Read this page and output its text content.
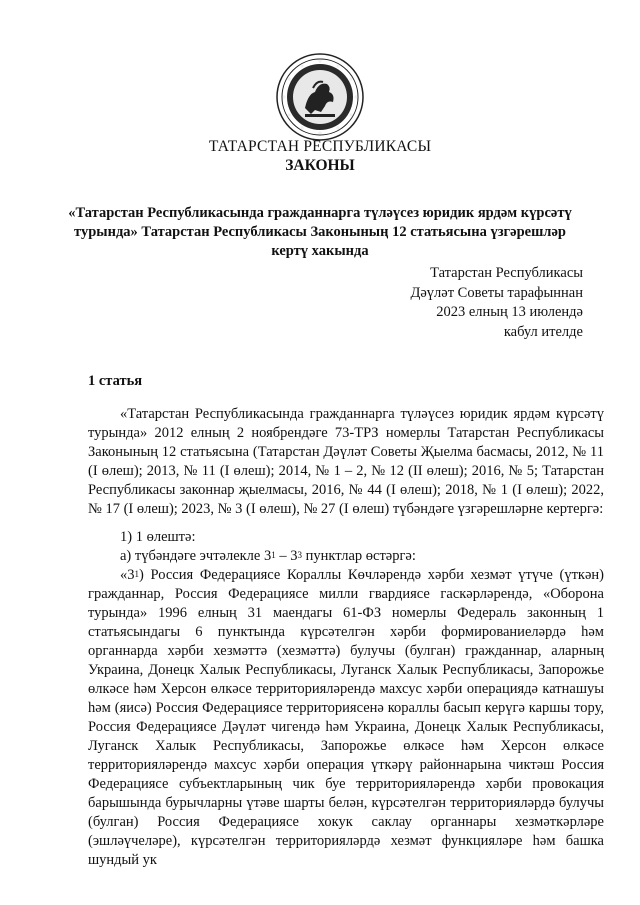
ТАТАРСТАН РЕСПУБЛИКАСЫ
ЗАКОНЫ
«Татарстан Республикасында гражданнарга түләүсез юридик ярдәм күрсәтү турында» Татарстан Республикасы Законының 12 статьясына үзгәрешләр кертү хакында
Татарстан Республикасы
Дәүләт Советы тарафыннан
2023 елның 13 июлендә
кабул ителде
1 статья

«Татарстан Республикасында гражданнарга түләүсез юридик ярдәм күрсәтү турында» 2012 елның 2 ноябрендәге 73-ТРЗ номерлы Татарстан Республикасы Законының 12 статьясына (Татарстан Дәүләт Советы Җыелма басмасы, 2012, № 11 (I өлеш); 2013, № 11 (I өлеш); 2014, № 1 – 2, № 12 (II өлеш); 2016, № 5; Татарстан Республикасы законнар җыелмасы, 2016, № 44 (I өлеш); 2018, № 1 (I өлеш); 2022, № 17 (I өлеш); 2023, № 3 (I өлеш), № 27 (I өлеш) түбәндәге үзгәрешләрне кертергә:

1) 1 өлештә:

а) түбәндәге эчтәлекле $3^1 - 3^3$ пунктлар өстәргә:

«$3^1$) Россия Федерациясе Кораллы Көчләрендә хәрби хезмәт үтүче (үткән) гражданнар, Россия Федерациясе милли гвардиясе гаскәрләрендә, «Оборона турында» 1996 елның 31 маендагы 61-ФЗ номерлы Федераль законның 1 статьясындагы 6 пунктында күрсәтелгән хәрби формированиеләрдә һәм органнарда хәрби хезмәттә (хезмәттә) булучы (булган) гражданнар, аларның Украина, Донецк Халык Республикасы, Луганск Халык Республикасы, Запорожье өлкәсе һәм Херсон өлкәсе территорияләрендә махсус хәрби операциядә катнашуы һәм (яисә) Россия Федерациясе территориясенә кораллы басып керүгә каршы тору, Россия Федерациясе Дәүләт чигендә һәм Украина, Донецк Халык Республикасы, Луганск Халык Республикасы, Запорожье өлкәсе һәм Херсон өлкәсе территорияләрендә махсус хәрби операция үткәрү районнарына чиктәш Россия Федерациясе субъектларының чик буе территорияләрендә хәрби провокация барышында бурычларны үтәве шарты белән, күрсәтелгән территорияләрдә булучы (булган) Россия Федерациясе хокук саклау органнары хезмәткәрләре (эшләүчеләре), күрсәтелгән территорияләрдә хезмәт функцияләре һәм башка шундый ук
